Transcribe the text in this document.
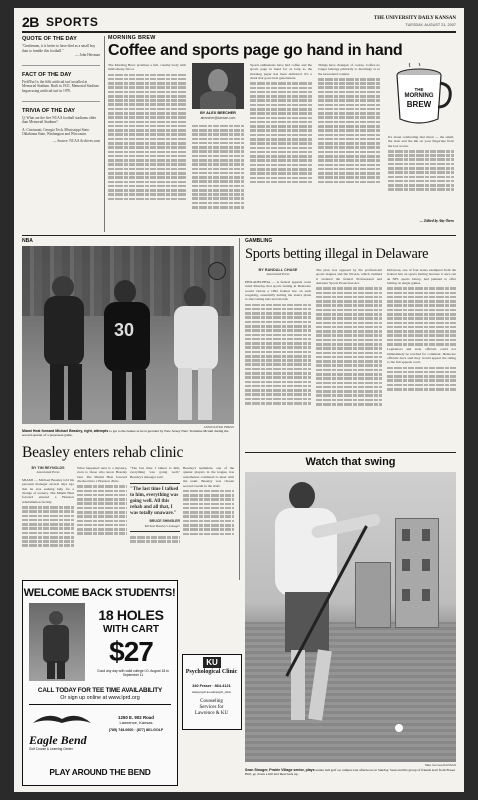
2B SPORTS	THE UNIVERSITY DAILY KANSAN
TUESDAY, AUGUST 21, 2007
QUOTE OF THE DAY
"Gentlemen, it is better to have died as a small boy than to fumble this football."
— John Heisman
FACT OF THE DAY
FieldTurf is the fifth artificial turf installed at Memorial Stadium. Built in 1921, Memorial Stadium began using artificial turf in 1970.
TRIVIA OF THE DAY
Q: What are the five NCAA football stadiums older than Memorial Stadium?
A: Cincinnati, Georgia Tech, Mississippi State, Oklahoma State, Washington and Wisconsin.
— Source: NCAA Archives.com
MORNING BREW
Coffee and sports page go hand in hand
The Morning Brew promises a full, creamy body with mild smoky flavor.
BY ALEX BEECHER
abeecher@kansan.com
Sports enthusiasts have had coffee and the sports page in hand for as long as the morning paper has been delivered. It's a ritual that goes back generations.
Things have changed, of course. Coffee no longer belongs primarily to mornings or to the newsstand counter.
THE
MORNING
BREW
It's about celebrating that ritual — the smell, the taste and the ink on your fingertips from the box scores.
— Edited by Atty Otero
NBA
30
ASSOCIATED PRESS
Miami Heat forward Michael Beasley, right, attempts to get to the basket as he is guarded by New Jersey Nets' Tremaine Mcneil during the second quarter of a preseason game.
Beasley enters rehab clinic
BY TIM REYNOLDS
Associated Press
MIAMI — Michael Beasley told his personal manager several days ago that he was seeking help for a change of scenery. The Miami Heat forward entered a Houston rehabilitation facility.
What happened next is a mystery, even to those who know Beasley best. The Miami Heat forward checked into a Houston clinic.
"The last time I talked to him, everything was going well," Beasley's manager said.
"The last time I talked to him, everything was going well. All this rehab and all that, I was totally unaware."
BRUCE SHINGLER
Michael Beasley's manager
Beasley's teammate, one of the quieter players in the league, has nonetheless continued to meet with the team. Beasley was chosen second overall in the draft.
WELCOME BACK STUDENTS!
18 HOLES
WITH CART
$27
Good any day with valid college I.D. August 18 to September 11
CALL TODAY FOR TEE TIME AVAILABILITY
Or sign up online at www.lprd.org
Eagle Bend
Golf Course & Learning Center
1250 E. 902 Road
Lawrence, Kansas
(785) 748-0600 · (877) 861-GOLF
PLAY AROUND THE BEND
KU
Psychological Clinic
340 Fraser · 864-4121
www.psych.ku.edu/psych_clinic
Counseling
Services for
Lawrence & KU
GAMBLING
Sports betting illegal in Delaware
BY RANDALL CHASE
Associated Press
PHILADELPHIA — A federal appeals court ruled Monday that sports betting in Delaware would violate a 1992 federal law on such wagering, essentially halting the state's plans to start taking bets next month.
The plan was opposed by the professional sports leagues and the NCAA, which claimed it violated the federal Professional and Amateur Sports Protection Act.
Delaware, one of four states exempted from the federal ban on sports betting because it once ran an NFL sports lottery, had planned to offer betting on single games.
Legislators and state officials could not immediately be reached for comment. Delaware officials have said they would appeal the ruling to the full appeals court.
Watch that swing
Mike Gunnoe/KANSAN
Sean Stooger, Prairie Village senior, plays tennis ball golf on campus late afternoon on Sunday. Sean and his group of friends start from Fraser Hall, go down a hill and then back up.
